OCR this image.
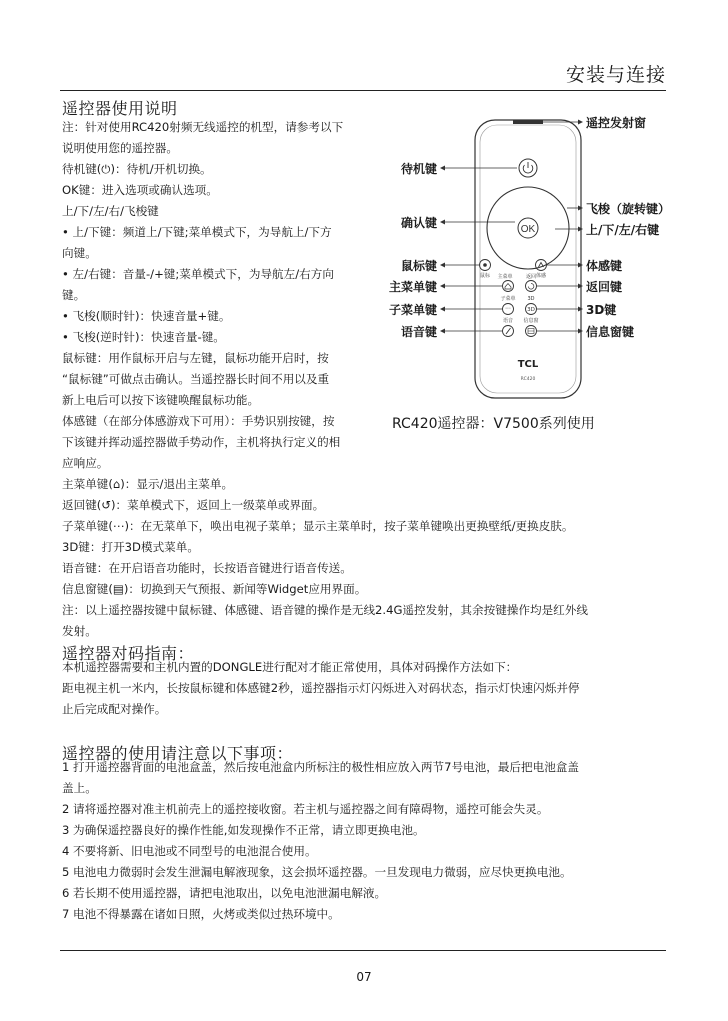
安装与连接
遥控器使用说明
注：针对使用RC420射频无线遥控的机型，请参考以下
说明使用您的遥控器。
待机键(⏻)：待机/开机切换。
OK键：进入选项或确认选项。
上/下/左/右/飞梭键
• 上/下键：频道上/下键;菜单模式下，为导航上/下方
向键。
• 左/右键：音量-/+键;菜单模式下，为导航左/右方向
键。
• 飞梭(顺时针)：快速音量+键。
• 飞梭(逆时针)：快速音量-键。
鼠标键：用作鼠标开启与左键，鼠标功能开启时，按
“鼠标键”可做点击确认。当遥控器长时间不用以及重
新上电后可以按下该键唤醒鼠标功能。
体感键（在部分体感游戏下可用）：手势识别按键，按
下该键并挥动遥控器做手势动作，主机将执行定义的相
应响应。
主菜单键(⌂)：显示/退出主菜单。
返回键(↺)：菜单模式下，返回上一级菜单或界面。
子菜单键(⋯)：在无菜单下，唤出电视子菜单；显示主菜单时，按子菜单键唤出更换壁纸/更换皮肤。
3D键：打开3D模式菜单。
语音键：在开启语音功能时，长按语音键进行语音传送。
信息窗键(▤)：切换到天气预报、新闻等Widget应用界面。
注：以上遥控器按键中鼠标键、体感键、语音键的操作是无线2.4G遥控发射，其余按键操作均是红外线
发射。
OK
鼠标	体感
主菜单	返回
···	3D
子菜单 3D
语音 信息窗
TCL
RC420
待机键
确认键
鼠标键
主菜单键
子菜单键
语音键
遥控发射窗
飞梭（旋转键）
上/下/左/右键
体感键
返回键
3D键
信息窗键
RC420遥控器：V7500系列使用
遥控器对码指南：
本机遥控器需要和主机内置的DONGLE进行配对才能正常使用，具体对码操作方法如下：
距电视主机一米内，长按鼠标键和体感键2秒，遥控器指示灯闪烁进入对码状态，指示灯快速闪烁并停
止后完成配对操作。
遥控器的使用请注意以下事项：
1 打开遥控器背面的电池盒盖，然后按电池盒内所标注的极性相应放入两节7号电池，最后把电池盒盖
盖上。
2 请将遥控器对准主机前壳上的遥控接收窗。若主机与遥控器之间有障碍物，遥控可能会失灵。
3 为确保遥控器良好的操作性能,如发现操作不正常，请立即更换电池。
4 不要将新、旧电池或不同型号的电池混合使用。
5 电池电力微弱时会发生泄漏电解液现象，这会损坏遥控器。一旦发现电力微弱，应尽快更换电池。
6 若长期不使用遥控器，请把电池取出，以免电池泄漏电解液。
7 电池不得暴露在诸如日照，火烤或类似过热环境中。
07
